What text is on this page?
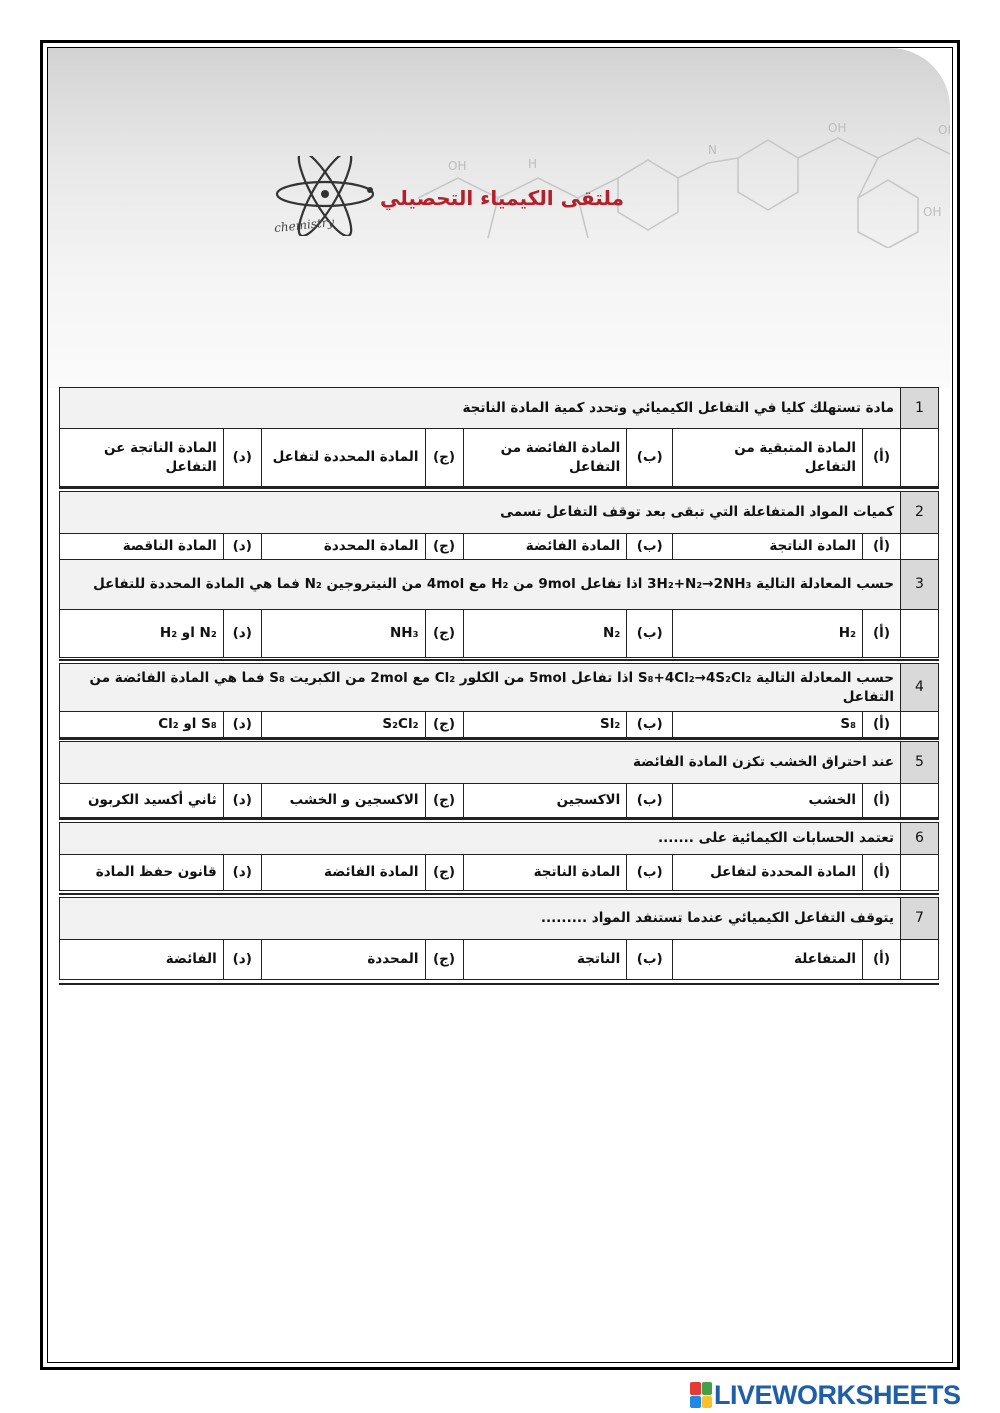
OH	H
N
OH	OH
OH
ملتقى الكيمياء التحصيلي
chemistry
1	مادة تستهلك كليا في التفاعل الكيميائي وتحدد كمية المادة الناتجة							
	(أ)	المادة المتبقية من التفاعل	(ب)	المادة الفائضة من التفاعل	(ج)	المادة المحددة لتفاعل	(د)	المادة الناتجة عن التفاعل
2	كميات المواد المتفاعلة التي تبقى بعد توقف التفاعل تسمى							
	(أ)	المادة الناتجة	(ب)	المادة الفائضة	(ج)	المادة المحددة	(د)	المادة الناقصة
3	حسب المعادلة التالية 3H₂+N₂→2NH₃ اذا تفاعل 9mol من H₂ مع 4mol من النيتروجين N₂ فما هي المادة المحددة للتفاعل							
	(أ)	H₂	(ب)	N₂	(ج)	NH₃	(د)	N₂ او H₂
4	حسب المعادلة التالية S₈+4Cl₂→4S₂Cl₂ اذا تفاعل 5mol من الكلور Cl₂ مع 2mol من الكبريت S₈ فما هي المادة الفائضة من التفاعل							
	(أ)	S₈	(ب)	Sl₂	(ج)	S₂Cl₂	(د)	S₈ او Cl₂
5	عند احتراق الخشب تكزن المادة الفائضة							
	(أ)	الخشب	(ب)	الاكسجين	(ج)	الاكسجين و الخشب	(د)	ثاني أكسيد الكربون
6	تعتمد الحسابات الكيمائية على .......							
	(أ)	المادة المحددة لتفاعل	(ب)	المادة الناتجة	(ج)	المادة الفائضة	(د)	قانون حفظ المادة
7	يتوقف التفاعل الكيميائي عندما تستنفد المواد .........							
	(أ)	المتفاعلة	(ب)	الناتجة	(ج)	المحددة	(د)	الفائضة
LIVEWORKSHEETS
